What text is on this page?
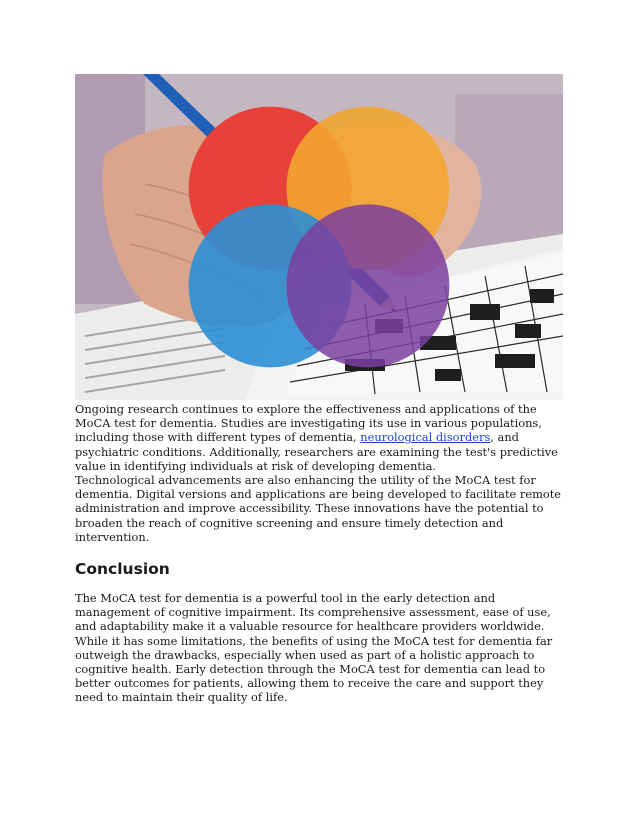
Ongoing research continues to explore the effectiveness and applications of the MoCA test for dementia. Studies are investigating its use in various populations, including those with different types of dementia, neurological disorders, and psychiatric conditions. Additionally, researchers are examining the test's predictive value in identifying individuals at risk of developing dementia.

Technological advancements are also enhancing the utility of the MoCA test for dementia. Digital versions and applications are being developed to facilitate remote administration and improve accessibility. These innovations have the potential to broaden the reach of cognitive screening and ensure timely detection and intervention.

Conclusion

The MoCA test for dementia is a powerful tool in the early detection and management of cognitive impairment. Its comprehensive assessment, ease of use, and adaptability make it a valuable resource for healthcare providers worldwide. While it has some limitations, the benefits of using the MoCA test for dementia far outweigh the drawbacks, especially when used as part of a holistic approach to cognitive health. Early detection through the MoCA test for dementia can lead to better outcomes for patients, allowing them to receive the care and support they need to maintain their quality of life.
